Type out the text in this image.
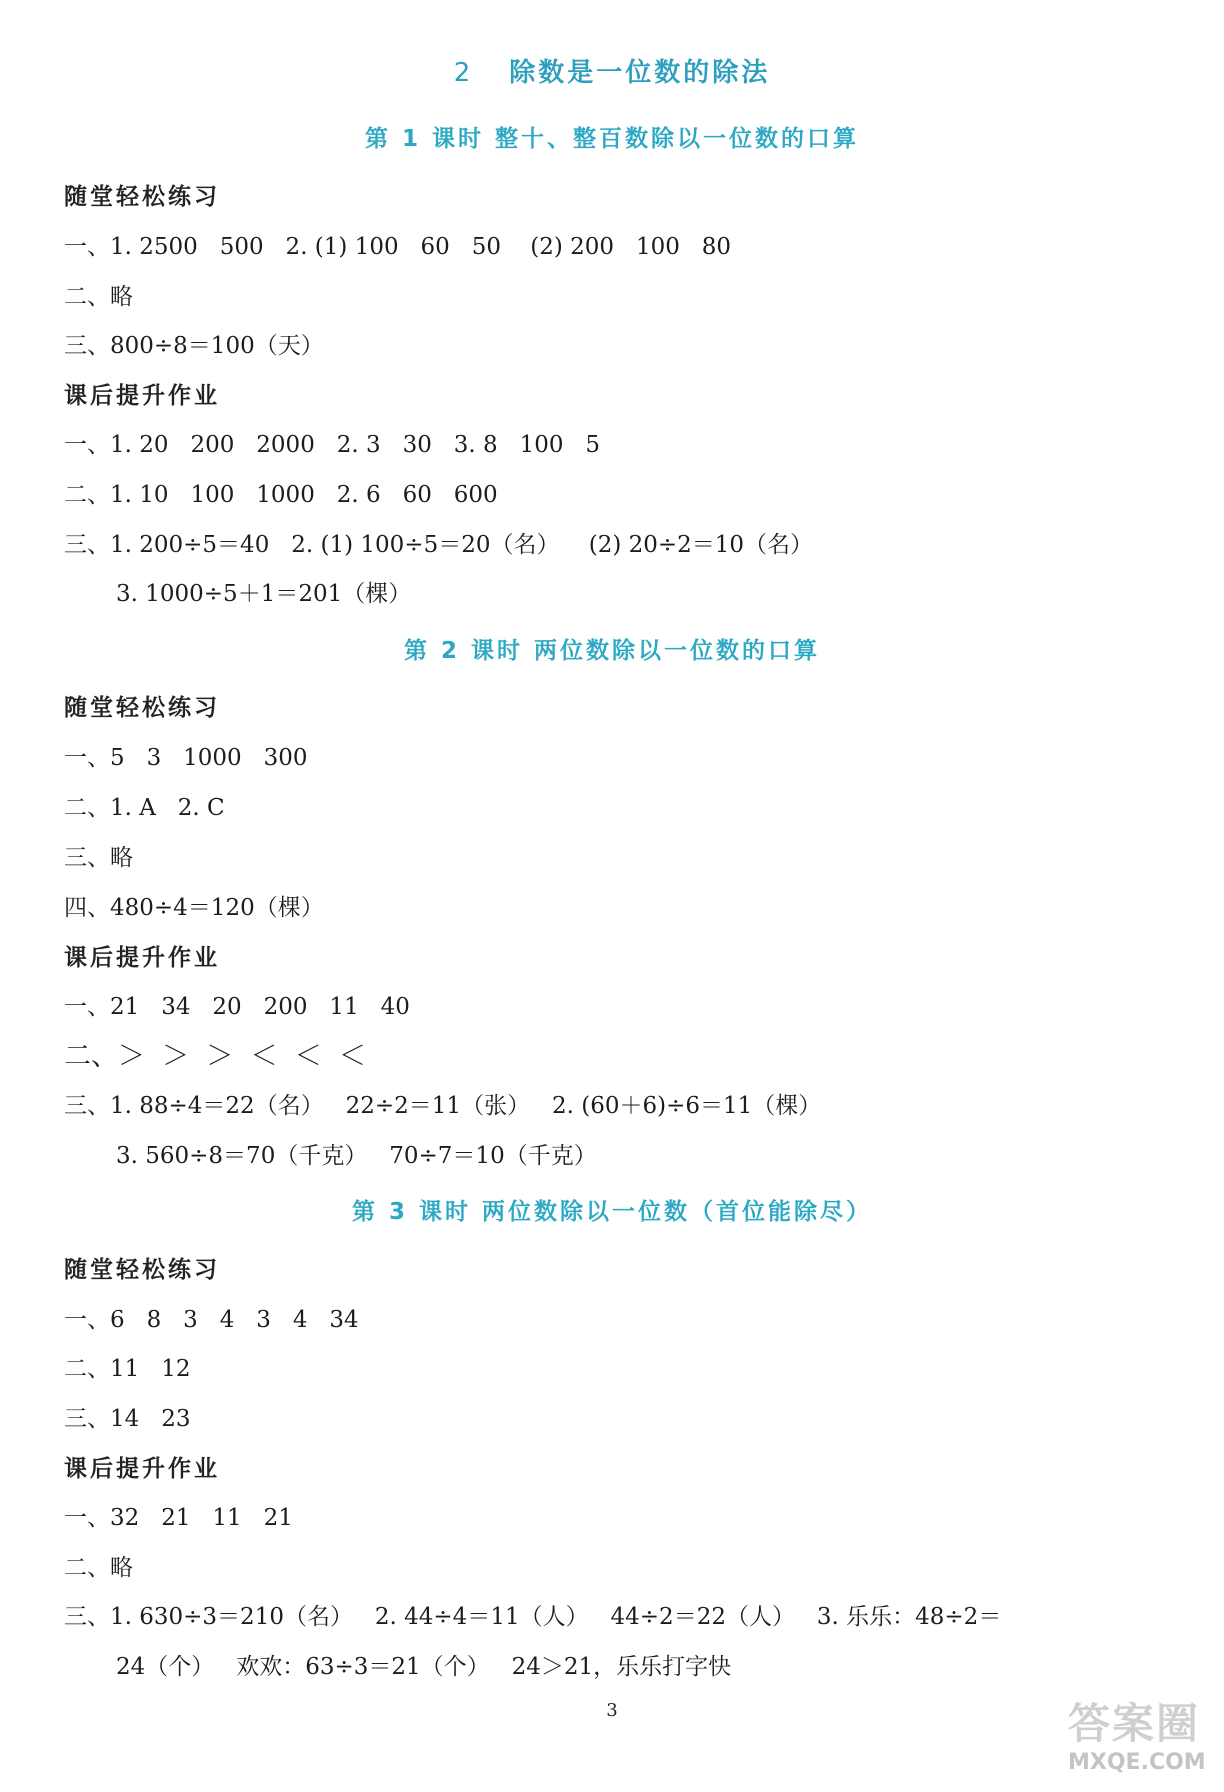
2 除数是一位数的除法
第 1 课时 整十、整百数除以一位数的口算
随堂轻松练习
一、1. 2500   500   2. (1) 100   60   50    (2) 200   100   80
二、略
三、800÷8＝100（天）
课后提升作业
一、1. 20   200   2000   2. 3   30   3. 8   100   5
二、1. 10   100   1000   2. 6   60   600
三、1. 200÷5＝40   2. (1) 100÷5＝20（名）    (2) 20÷2＝10（名）
3. 1000÷5＋1＝201（棵）
第 2 课时 两位数除以一位数的口算
随堂轻松练习
一、5   3   1000   300
二、1. A   2. C
三、略
四、480÷4＝120（棵）
课后提升作业
一、21   34   20   200   11   40
二、＞  ＞  ＞  ＜  ＜  ＜
三、1. 88÷4＝22（名）   22÷2＝11（张）   2. (60＋6)÷6＝11（棵）
3. 560÷8＝70（千克）   70÷7＝10（千克）
第 3 课时 两位数除以一位数（首位能除尽）
随堂轻松练习
一、6   8   3   4   3   4   34
二、11   12
三、14   23
课后提升作业
一、32   21   11   21
二、略
三、1. 630÷3＝210（名）   2. 44÷4＝11（人）   44÷2＝22（人）   3. 乐乐：48÷2＝
24（个）   欢欢：63÷3＝21（个）   24＞21，乐乐打字快
3	答案圈
MXQE.COM
